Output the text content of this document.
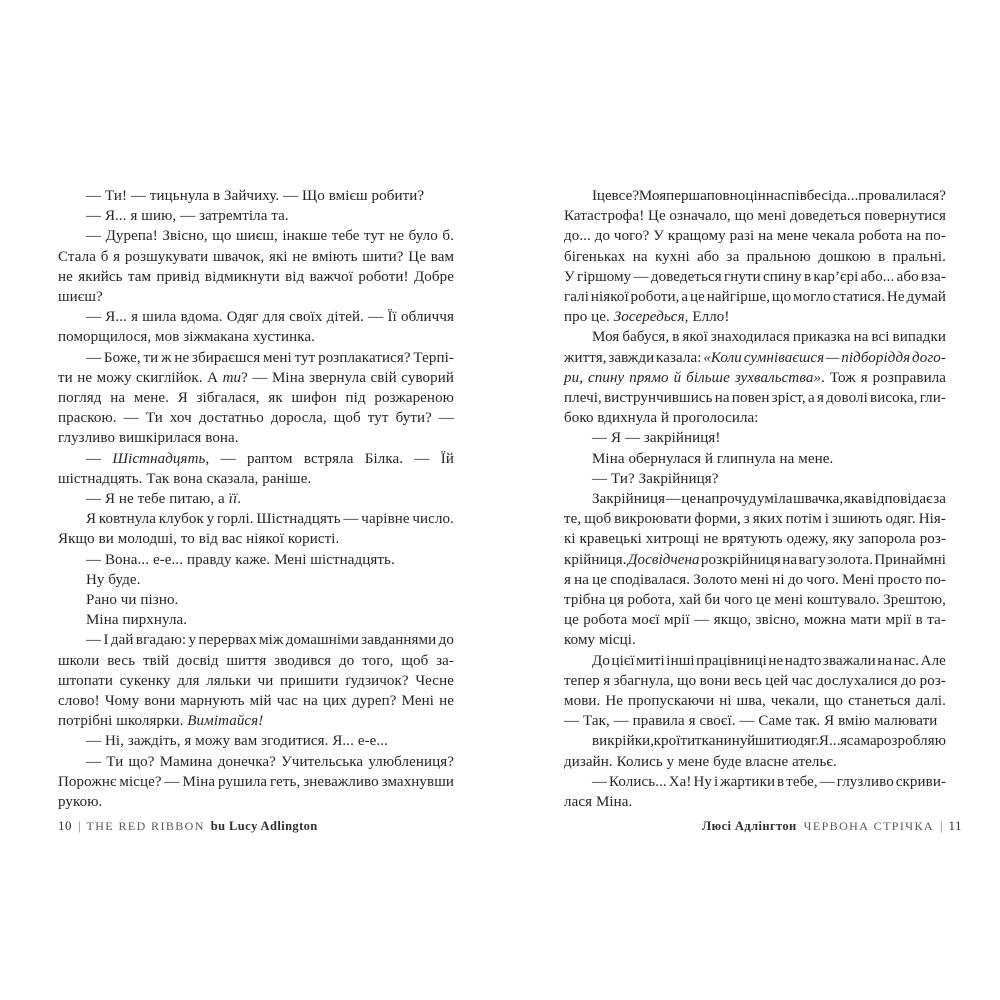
— Ти! — тицьнула в Зайчиху. — Що вмієш робити?
— Я... я шию, — затремтіла та.
— Дурепа! Звісно, що шиєш, інакше тебе тут не було б.
Стала б я розшукувати швачок, які не вміють шити? Це вам
не якийсь там привід відмикнути від важчої роботи! Добре
шиєш?
— Я... я шила вдома. Одяг для своїх дітей. — Її обличчя
поморщилося, мов зіжмакана хустинка.
— Боже, ти ж не збираєшся мені тут розплакатися? Терпі-
ти не можу скиглійок. А ти? — Міна звернула свій суворий
погляд на мене. Я зібгалася, як шифон під розжареною
праскою. — Ти хоч достатньо доросла, щоб тут бути? —
глузливо вишкірилася вона.
— Шістнадцять, — раптом встряла Білка. — Їй
шістнадцять. Так вона сказала, раніше.
— Я не тебе питаю, а її.
Я ковтнула клубок у горлі. Шістнадцять — чарівне число.
Якщо ви молодші, то від вас ніякої користі.
— Вона... е-е... правду каже. Мені шістнадцять.
Ну буде.
Рано чи пізно.
Міна пирхнула.
— І дай вгадаю: у перервах між домашніми завданнями до
школи весь твій досвід шиття зводився до того, щоб за-
штопати сукенку для ляльки чи пришити ґудзичок? Чесне
слово! Чому вони марнують мій час на цих дуреп? Мені не
потрібні школярки. Вимітайся!
— Ні, заждіть, я можу вам згодитися. Я... е-е...
— Ти що? Мамина донечка? Учительська улюблениця?
Порожнє місце? — Міна рушила геть, зневажливо змахнувши
рукою.
І це все? Моя перша повноцінна співбесіда... провалилася?
Катастрофа! Це означало, що мені доведеться повернутися
до... до чого? У кращому разі на мене чекала робота на по-
бігеньках на кухні або за пральною дошкою в пральні.
У гіршому — доведеться гнути спину в кар’єрі або... або вза-
галі ніякої роботи, а це найгірше, що могло статися. Не думай
про це. Зосередься, Елло!
Моя бабуся, в якої знаходилася приказка на всі випадки
життя, завжди казала: «Коли сумніваєшся — підборіддя дого-
ри, спину прямо й більше зухвальства». Тож я розправила
плечі, виструнчившись на повен зріст, а я доволі висока, гли-
боко вдихнула й проголосила:
— Я — закрійниця!
Міна обернулася й глипнула на мене.
— Ти? Закрійниця?
Закрійниця — це напрочуд уміла швачка, яка відповідає за
те, щоб викроювати форми, з яких потім і зшиють одяг. Нія-
кі кравецькі хитрощі не врятують одежу, яку запорола роз-
крійниця. Досвідчена розкрійниця на вагу золота. Принаймні
я на це сподівалася. Золото мені ні до чого. Мені просто по-
трібна ця робота, хай би чого це мені коштувало. Зрештою,
це робота моєї мрії — якщо, звісно, можна мати мрії в та-
кому місці.
До цієї миті інші працівниці не надто зважали на нас. Але
тепер я збагнула, що вони весь цей час дослухалися до роз-
мови. Не пропускаючи ні шва, чекали, що станеться далі.
— Так, — правила я своєї. — Саме так. Я вмію малювати
викрійки, кроїти тканину й шити одяг. Я... я сама розробляю
дизайн. Колись у мене буде власне ательє.
— Колись... Ха! Ну і жартики в тебе, — глузливо скриви-
лася Міна.
10 | THE RED RIBBON bu Lucy Adlington	Люсі Адлінгтон ЧЕРВОНА СТРІЧКА | 11
